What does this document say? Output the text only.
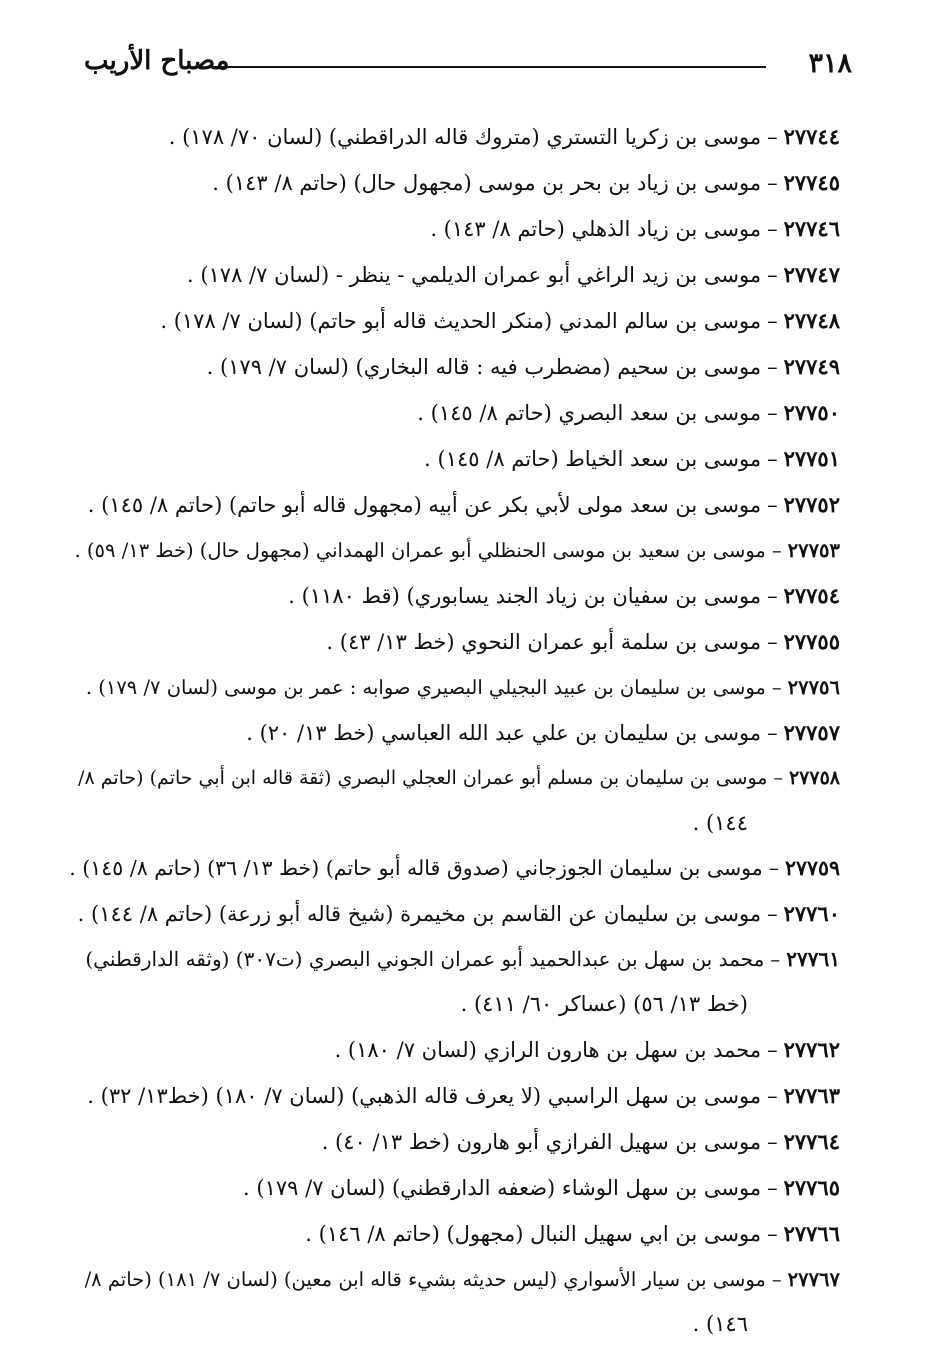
٣١٨
مصباح الأريب
٢٧٧٤٤–موسى بن زكريا التستري (متروك قاله الدراقطني) (لسان ٧٠/ ١٧٨) .
٢٧٧٤٥–موسى بن زياد بن بحر بن موسى (مجهول حال) (حاتم ٨/ ١٤٣) .
٢٧٧٤٦–موسى بن زياد الذهلي (حاتم ٨/ ١٤٣) .
٢٧٧٤٧–موسى بن زيد الراغي أبو عمران الديلمي - ينظر - (لسان ٧/ ١٧٨) .
٢٧٧٤٨–موسى بن سالم المدني (منكر الحديث قاله أبو حاتم) (لسان ٧/ ١٧٨) .
٢٧٧٤٩–موسى بن سحيم (مضطرب فيه : قاله البخاري) (لسان ٧/ ١٧٩) .
٢٧٧٥٠–موسى بن سعد البصري (حاتم ٨/ ١٤٥) .
٢٧٧٥١–موسى بن سعد الخياط (حاتم ٨/ ١٤٥) .
٢٧٧٥٢–موسى بن سعد مولى لأبي بكر عن أبيه (مجهول قاله أبو حاتم) (حاتم ٨/ ١٤٥) .
٢٧٧٥٣–موسى بن سعيد بن موسى الحنظلي أبو عمران الهمداني (مجهول حال) (خط ١٣/ ٥٩) .
٢٧٧٥٤–موسى بن سفيان بن زياد الجند يسابوري) (قط ١١٨٠) .
٢٧٧٥٥–موسى بن سلمة أبو عمران النحوي (خط ١٣/ ٤٣) .
٢٧٧٥٦–موسى بن سليمان بن عبيد البجيلي البصيري صوابه : عمر بن موسى (لسان ٧/ ١٧٩) .
٢٧٧٥٧–موسى بن سليمان بن علي عبد الله العباسي (خط ١٣/ ٢٠) .
٢٧٧٥٨–موسى بن سليمان بن مسلم أبو عمران العجلي البصري (ثقة قاله ابن أبي حاتم) (حاتم ٨/
١٤٤) .
٢٧٧٥٩–موسى بن سليمان الجوزجاني (صدوق قاله أبو حاتم) (خط ١٣/ ٣٦) (حاتم ٨/ ١٤٥) .
٢٧٧٦٠–موسى بن سليمان عن القاسم بن مخيمرة (شيخ قاله أبو زرعة) (حاتم ٨/ ١٤٤) .
٢٧٧٦١–محمد بن سهل بن عبدالحميد أبو عمران الجوني البصري (ت٣٠٧) (وثقه الدارقطني)
(خط ١٣/ ٥٦) (عساكر ٦٠/ ٤١١) .
٢٧٧٦٢–محمد بن سهل بن هارون الرازي (لسان ٧/ ١٨٠) .
٢٧٧٦٣–موسى بن سهل الراسبي (لا يعرف قاله الذهبي) (لسان ٧/ ١٨٠) (خط١٣/ ٣٢) .
٢٧٧٦٤–موسى بن سهيل الفرازي أبو هارون (خط ١٣/ ٤٠) .
٢٧٧٦٥–موسى بن سهل الوشاء (ضعفه الدارقطني) (لسان ٧/ ١٧٩) .
٢٧٧٦٦–موسى بن ابي سهيل النبال (مجهول) (حاتم ٨/ ١٤٦) .
٢٧٧٦٧–موسى بن سيار الأسواري (ليس حديثه بشيء قاله ابن معين) (لسان ٧/ ١٨١) (حاتم ٨/
١٤٦) .
